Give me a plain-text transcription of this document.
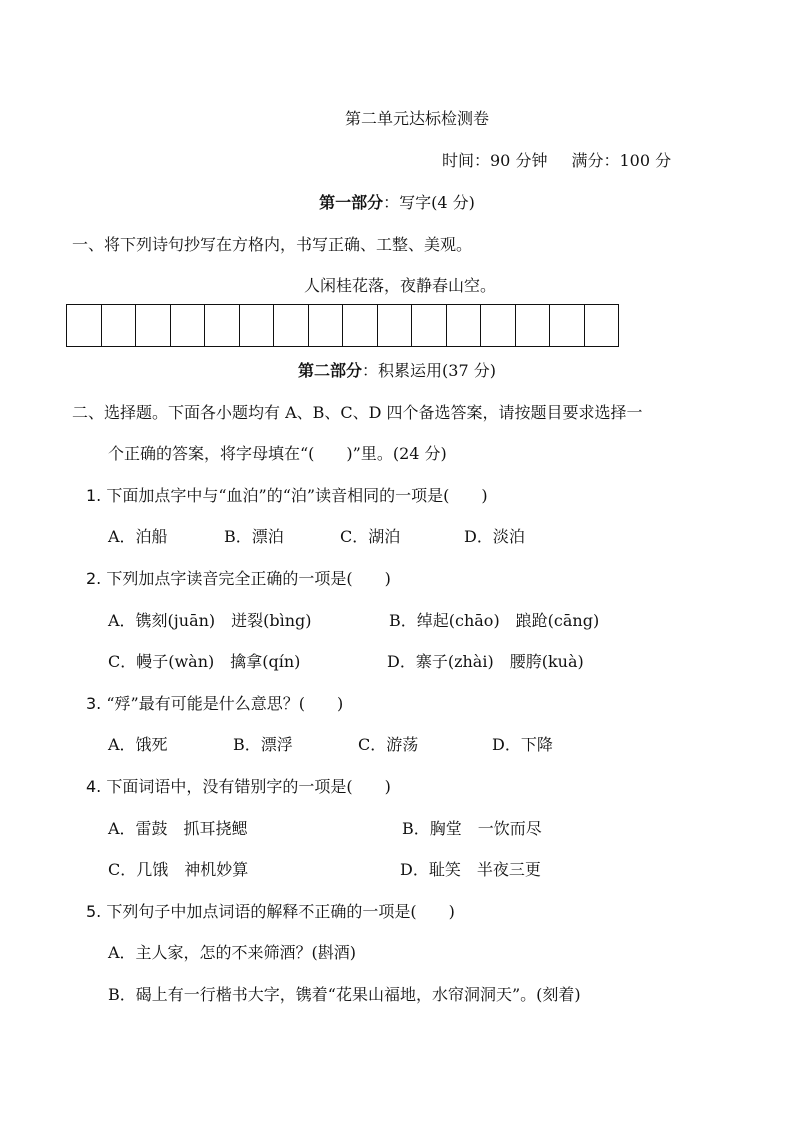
第二单元达标检测卷
时间：90 分钟 满分：100 分
第一部分：写字(4 分)
一、将下列诗句抄写在方格内，书写正确、工整、美观。
人闲桂花落，夜静春山空。
第二部分：积累运用(37 分)
二、选择题。下面各小题均有 A、B、C、D 四个备选答案，请按题目要求选择一
个正确的答案，将字母填在“(　　)”里。(24 分)
1. 下面加点字中与“血泊”的“泊”读音相同的一项是(　　)
A．泊船	B．漂泊	C．湖泊	D．淡泊
2. 下列加点字读音完全正确的一项是(　　)
A．镌刻(juān)　迸裂(bìng)	B．绰起(chāo)　踉跄(cāng)
C．幔子(wàn)　擒拿(qín)	D．寨子(zhài)　腰胯(kuà)
3. “殍”最有可能是什么意思？(　　)
A．饿死	B．漂浮	C．游荡	D．下降
4. 下面词语中，没有错别字的一项是(　　)
A．雷鼓　抓耳挠鳃	B．胸堂　一饮而尽
C．几饿　神机妙算	D．耻笑　半夜三更
5. 下列句子中加点词语的解释不正确的一项是(　　)
A．主人家，怎的不来筛酒？(斟酒)
B．碣上有一行楷书大字，镌着“花果山福地，水帘洞洞天”。(刻着)
